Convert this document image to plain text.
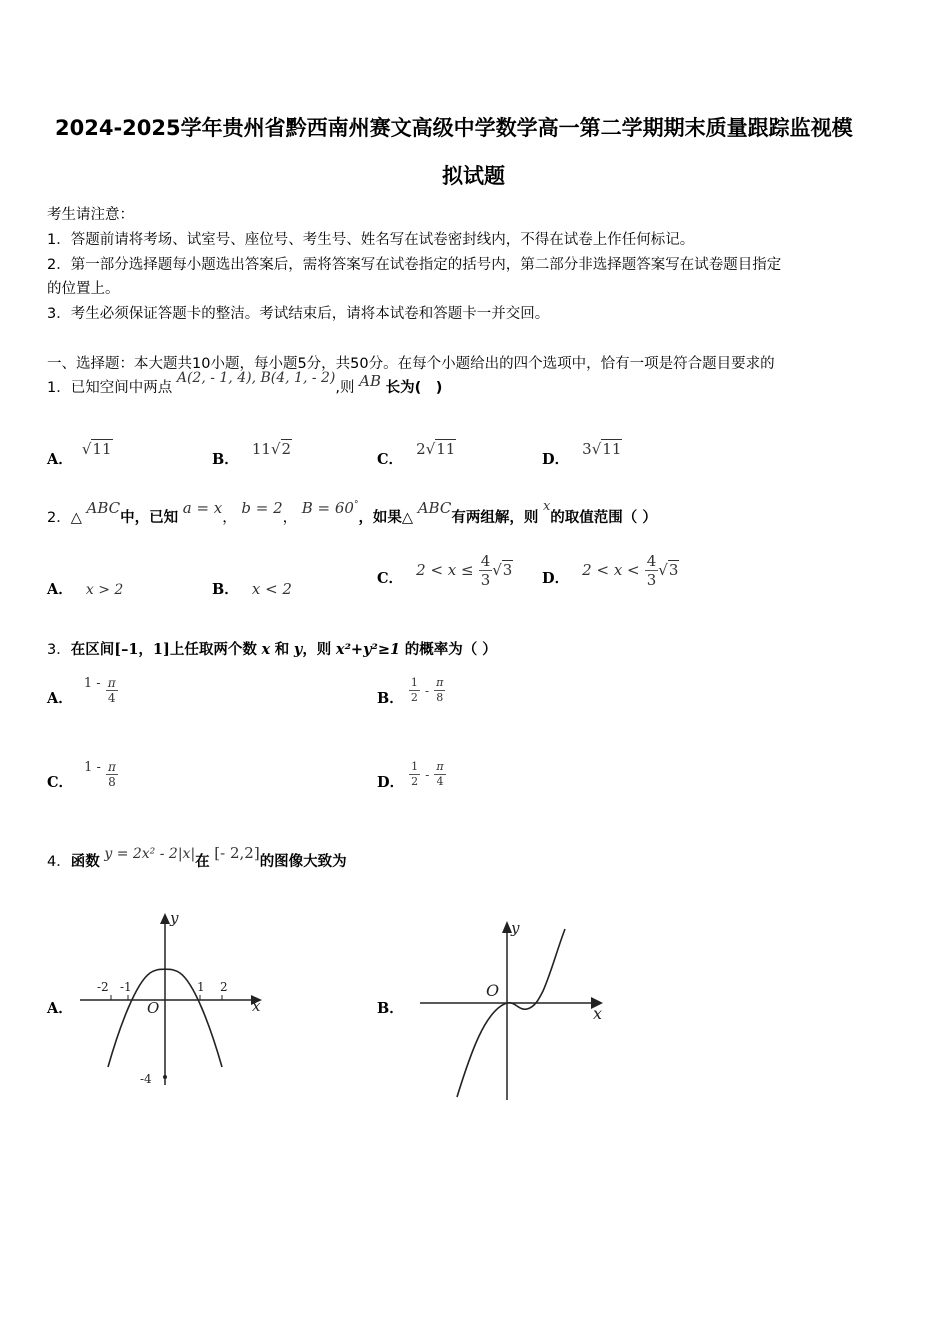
2024-2025学年贵州省黔西南州赛文高级中学数学高一第二学期期末质量跟踪监视模
拟试题
考生请注意：
1．答题前请将考场、试室号、座位号、考生号、姓名写在试卷密封线内，不得在试卷上作任何标记。
2．第一部分选择题每小题选出答案后，需将答案写在试卷指定的括号内，第二部分非选择题答案写在试卷题目指定
的位置上。
3．考生必须保证答题卡的整洁。考试结束后，请将本试卷和答题卡一并交回。
一、选择题：本大题共10小题，每小题5分，共50分。在每个小题给出的四个选项中，恰有一项是符合题目要求的
1．已知空间中两点 A(2, - 1, 4), B(4, 1, - 2),则 AB 长为(　)
A． √11
B． 11√2
C． 2√11
D． 3√11
2．△ ABC中，已知 a = x， b = 2， B = 60°，如果△ ABC有两组解，则 x的取值范围（ ）
A． x > 2	B． x < 2
C． $2 < x \le \frac{4}{3} √3$ D． $2 < x < \frac{4}{3} √3$
3．在区间[–1，1]上任取两个数 x 和 y，则 x²+y²≥1 的概率为（ ）
A． $^{1 -} \frac{\pi}{4}$	B． $\frac{1}{2} - \frac{\pi}{8}$
C． $^{1 -} \frac{\pi}{8}$	D． $\frac{1}{2} - \frac{\pi}{4}$
4．函数 y = 2x² - 2|x|在 [- 2,2]的图像大致为
A．
-2 -1	1 2
O
y
x
-4
B．
O
y
x
